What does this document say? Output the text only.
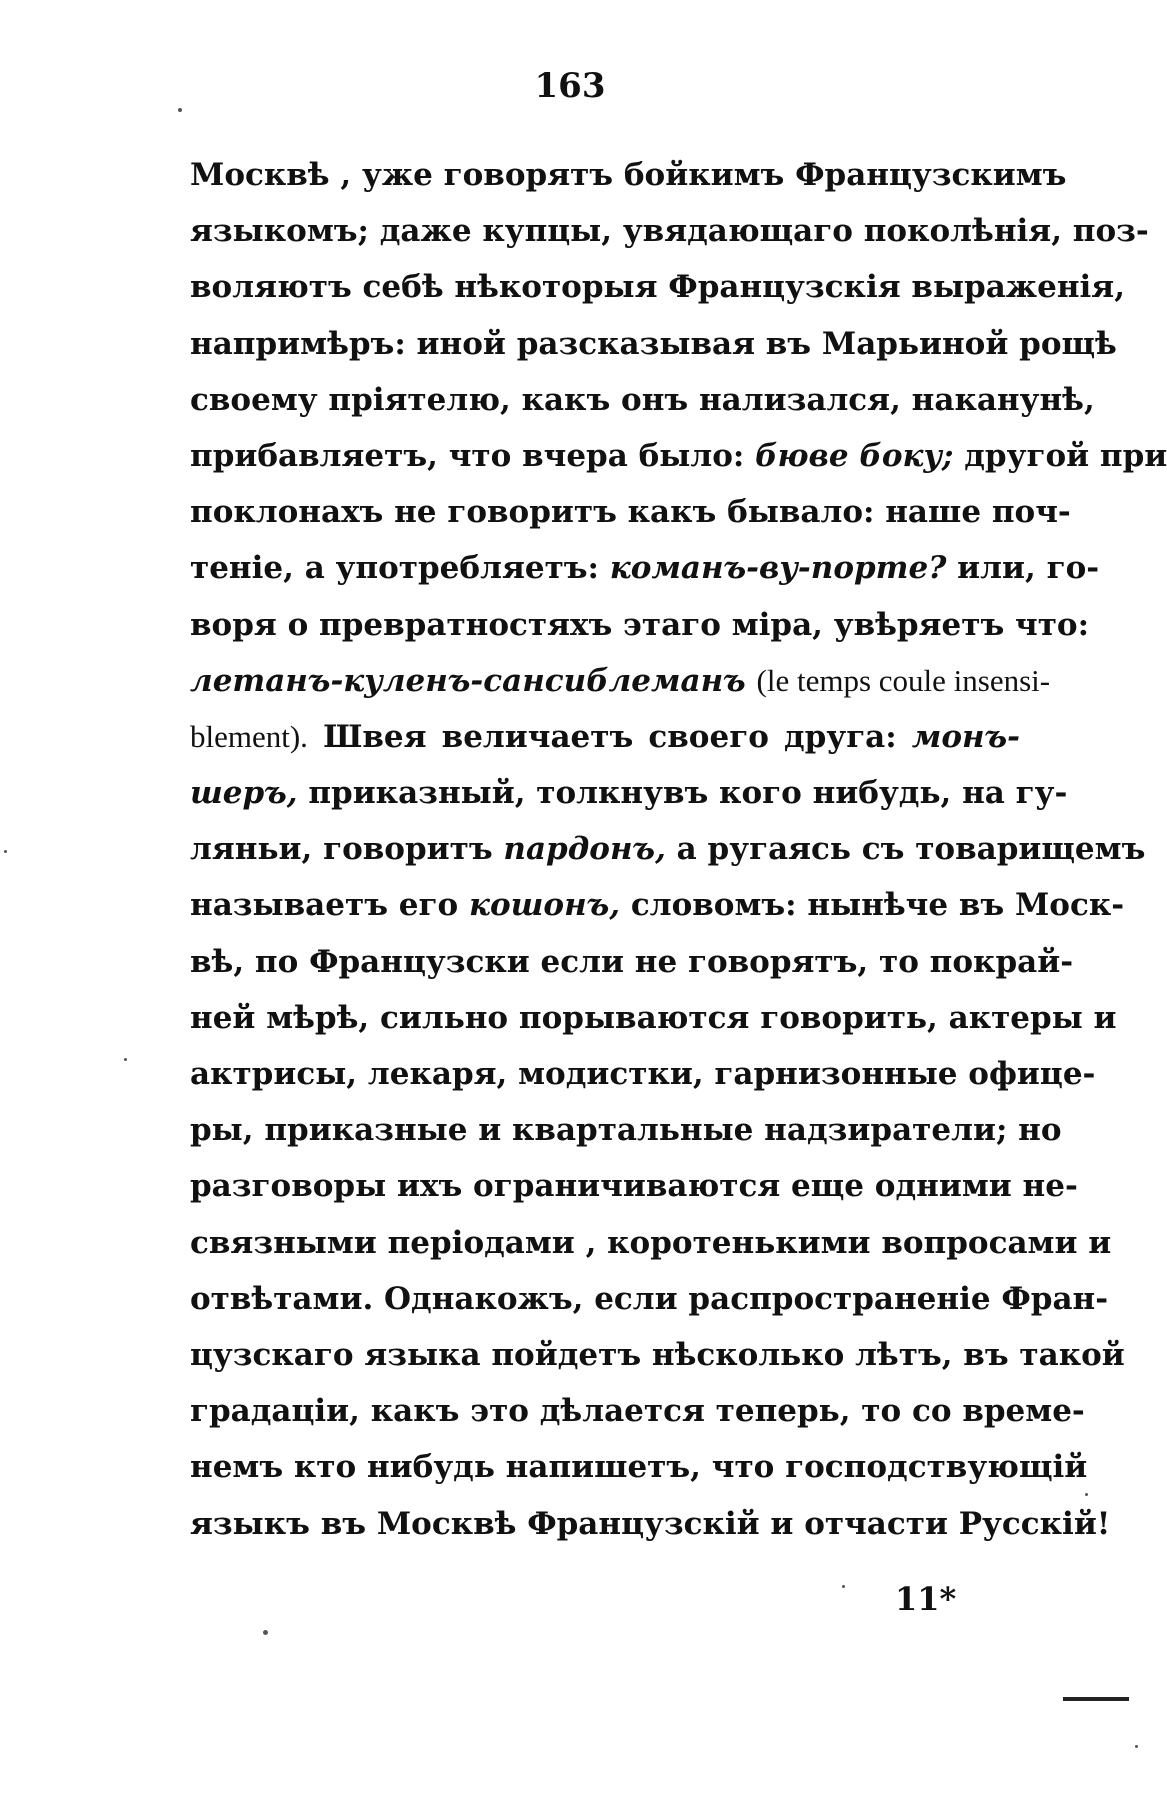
163
Москвѣ , уже говорятъ бойкимъ Французскимъ
языкомъ; даже купцы, увядающаго поколѣнія, поз-
воляютъ себѣ нѣкоторыя Французскія выраженія,
напримѣръ: иной разсказывая въ Марьиной рощѣ
своему пріятелю, какъ онъ нализался, наканунѣ,
прибавляетъ, что вчера было: бюве боку; другой при
поклонахъ не говоритъ какъ бывало: наше поч-
теніе, а употребляетъ: команъ-ву-порте? или, го-
воря о превратностяхъ этаго міра, увѣряетъ что:
летанъ-куленъ-сансиблеманъ (le temps coule insensi-
blement). Швея величаетъ своего друга: монъ-
шеръ, приказный, толкнувъ кого нибудь, на гу-
ляньи, говоритъ пардонъ, а ругаясь съ товарищемъ
называетъ его кошонъ, словомъ: нынѣче въ Моск-
вѣ, по Французски если не говорятъ, то покрай-
ней мѣрѣ, сильно порываются говорить, актеры и
актрисы, лекаря, модистки, гарнизонные офице-
ры, приказные и квартальные надзиратели; но
разговоры ихъ ограничиваются еще одними не-
связными періодами , коротенькими вопросами и
отвѣтами. Однакожъ, если распространеніе Фран-
цузскаго языка пойдетъ нѣсколько лѣтъ, въ такой
градаціи, какъ это дѣлается теперь, то со време-
немъ кто нибудь напишетъ, что господствующій
языкъ въ Москвѣ Французскій и отчасти Русскій!
11*
